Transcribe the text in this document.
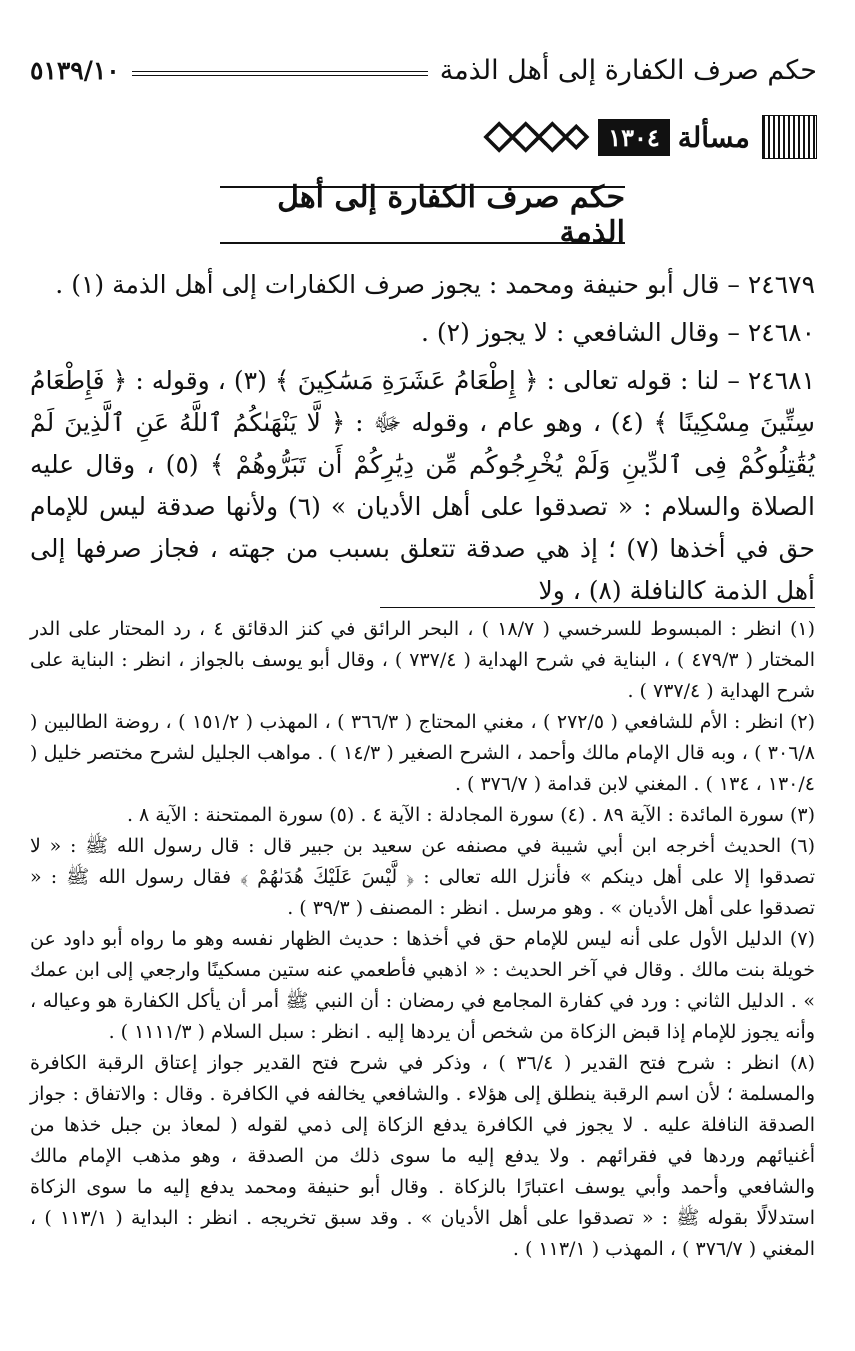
حكم صرف الكفارة إلى أهل الذمة
٥١٣٩/١٠
مسألة
١٣٠٤
حكم صرف الكفارة إلى أهل الذمة

٢٤٦٧٩ – قال أبو حنيفة ومحمد : يجوز صرف الكفارات إلى أهل الذمة (١) .

٢٤٦٨٠ – وقال الشافعي : لا يجوز (٢) .

٢٤٦٨١ – لنا : قوله تعالى : ﴿ إِطْعَامُ عَشَرَةِ مَسَٰكِينَ ﴾ (٣) ، وقوله : ﴿ فَإِطْعَامُ سِتِّينَ مِسْكِينًا ﴾ (٤) ، وهو عام ، وقوله ﷻ : ﴿ لَّا يَنْهَىٰكُمُ ٱللَّهُ عَنِ ٱلَّذِينَ لَمْ يُقَٰتِلُوكُمْ فِى ٱلدِّينِ وَلَمْ يُخْرِجُوكُم مِّن دِيَٰرِكُمْ أَن تَبَرُّوهُمْ ﴾ (٥) ، وقال عليه الصلاة والسلام : « تصدقوا على أهل الأديان » (٦) ولأنها صدقة ليس للإمام حق في أخذها (٧) ؛ إذ هي صدقة تتعلق بسبب من جهته ، فجاز صرفها إلى أهل الذمة كالنافلة (٨) ، ولا

(١) انظر : المبسوط للسرخسي ( ١٨/٧ ) ، البحر الرائق في كنز الدقائق ٤ ، رد المحتار على الدر المختار ( ٤٧٩/٣ ) ، البناية في شرح الهداية ( ٧٣٧/٤ ) ، وقال أبو يوسف بالجواز ، انظر : البناية على شرح الهداية ( ٧٣٧/٤ ) .

(٢) انظر : الأم للشافعي ( ٢٧٢/٥ ) ، مغني المحتاج ( ٣٦٦/٣ ) ، المهذب ( ١٥١/٢ ) ، روضة الطالبين ( ٣٠٦/٨ ) ، وبه قال الإمام مالك وأحمد ، الشرح الصغير ( ١٤/٣ ) . مواهب الجليل لشرح مختصر خليل ( ١٣٠/٤ ، ١٣٤ ) . المغني لابن قدامة ( ٣٧٦/٧ ) .

(٣) سورة المائدة : الآية ٨٩ . (٤) سورة المجادلة : الآية ٤ . (٥) سورة الممتحنة : الآية ٨ .

(٦) الحديث أخرجه ابن أبي شيبة في مصنفه عن سعيد بن جبير قال : قال رسول الله ﷺ : « لا تصدقوا إلا على أهل دينكم » فأنزل الله تعالى : ﴿ لَّيْسَ عَلَيْكَ هُدَىٰهُمْ ﴾ فقال رسول الله ﷺ : « تصدقوا على أهل الأديان » . وهو مرسل . انظر : المصنف ( ٣٩/٣ ) .

(٧) الدليل الأول على أنه ليس للإمام حق في أخذها : حديث الظهار نفسه وهو ما رواه أبو داود عن خويلة بنت مالك . وقال في آخر الحديث : « اذهبي فأطعمي عنه ستين مسكينًا وارجعي إلى ابن عمك » . الدليل الثاني : ورد في كفارة المجامع في رمضان : أن النبي ﷺ أمر أن يأكل الكفارة هو وعياله ، وأنه يجوز للإمام إذا قبض الزكاة من شخص أن يردها إليه . انظر : سبل السلام ( ١١١١/٣ ) .

(٨) انظر : شرح فتح القدير ( ٣٦/٤ ) ، وذكر في شرح فتح القدير جواز إعتاق الرقبة الكافرة والمسلمة ؛ لأن اسم الرقبة ينطلق إلى هؤلاء . والشافعي يخالفه في الكافرة . وقال : والاتفاق : جواز الصدقة النافلة عليه . لا يجوز في الكافرة يدفع الزكاة إلى ذمي لقوله ( لمعاذ بن جبل خذها من أغنيائهم وردها في فقرائهم . ولا يدفع إليه ما سوى ذلك من الصدقة ، وهو مذهب الإمام مالك والشافعي وأحمد وأبي يوسف اعتبارًا بالزكاة . وقال أبو حنيفة ومحمد يدفع إليه ما سوى الزكاة استدلالًا بقوله ﷺ : « تصدقوا على أهل الأديان » . وقد سبق تخريجه . انظر : البداية ( ١١٣/١ ) ، المغني ( ٣٧٦/٧ ) ، المهذب ( ١١٣/١ ) .
